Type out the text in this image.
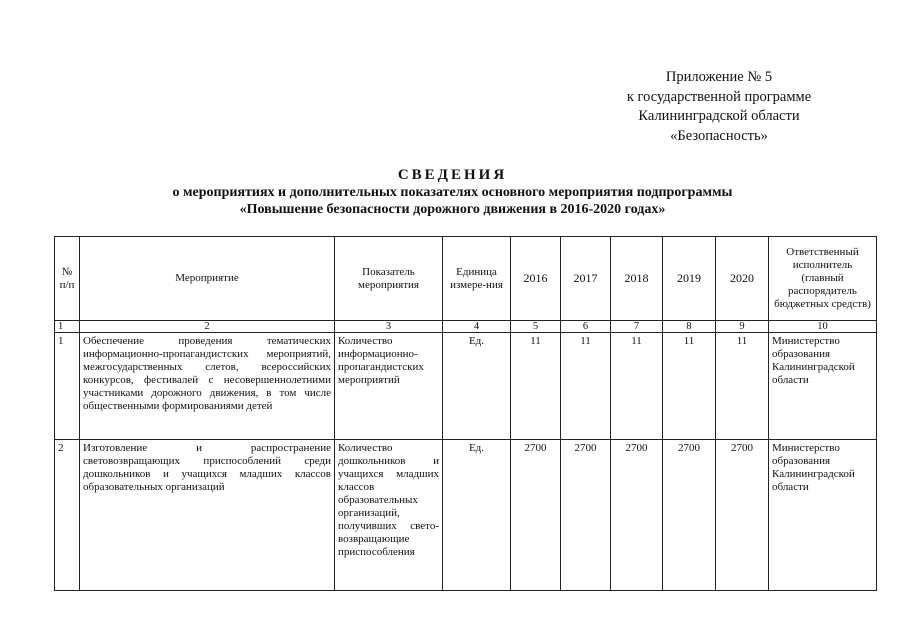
Приложение № 5
к государственной программе
Калининградской области
«Безопасность»
СВЕДЕНИЯ
о мероприятиях и дополнительных показателях основного мероприятия подпрограммы
«Повышение безопасности дорожного движения в 2016-2020 годах»
№ п/п	Мероприятие	Показатель мероприятия	Единица измере-ния	2016	2017	2018	2019	2020	Ответственный исполнитель (главный распорядитель бюджетных средств)
1	2	3	4	5	6	7	8	9	10
1	Обеспечение проведения тематических информационно-пропагандистских мероприятий, межгосударственных слетов, всероссийских конкурсов, фестивалей с несовершеннолетними участниками дорожного движения, в том числе общественными формированиями детей	Количество информационно-пропагандистских мероприятий	Ед.	11	11	11	11	11	Министерство образования Калининградской области
2	Изготовление и распространение световозвращающих приспособлений среди дошкольников и учащихся младших классов образовательных организаций	Количество дошкольников и учащихся младших классов образовательных организаций, получивших свето-возвращающие приспособления	Ед.	2700	2700	2700	2700	2700	Министерство образования Калининградской области
